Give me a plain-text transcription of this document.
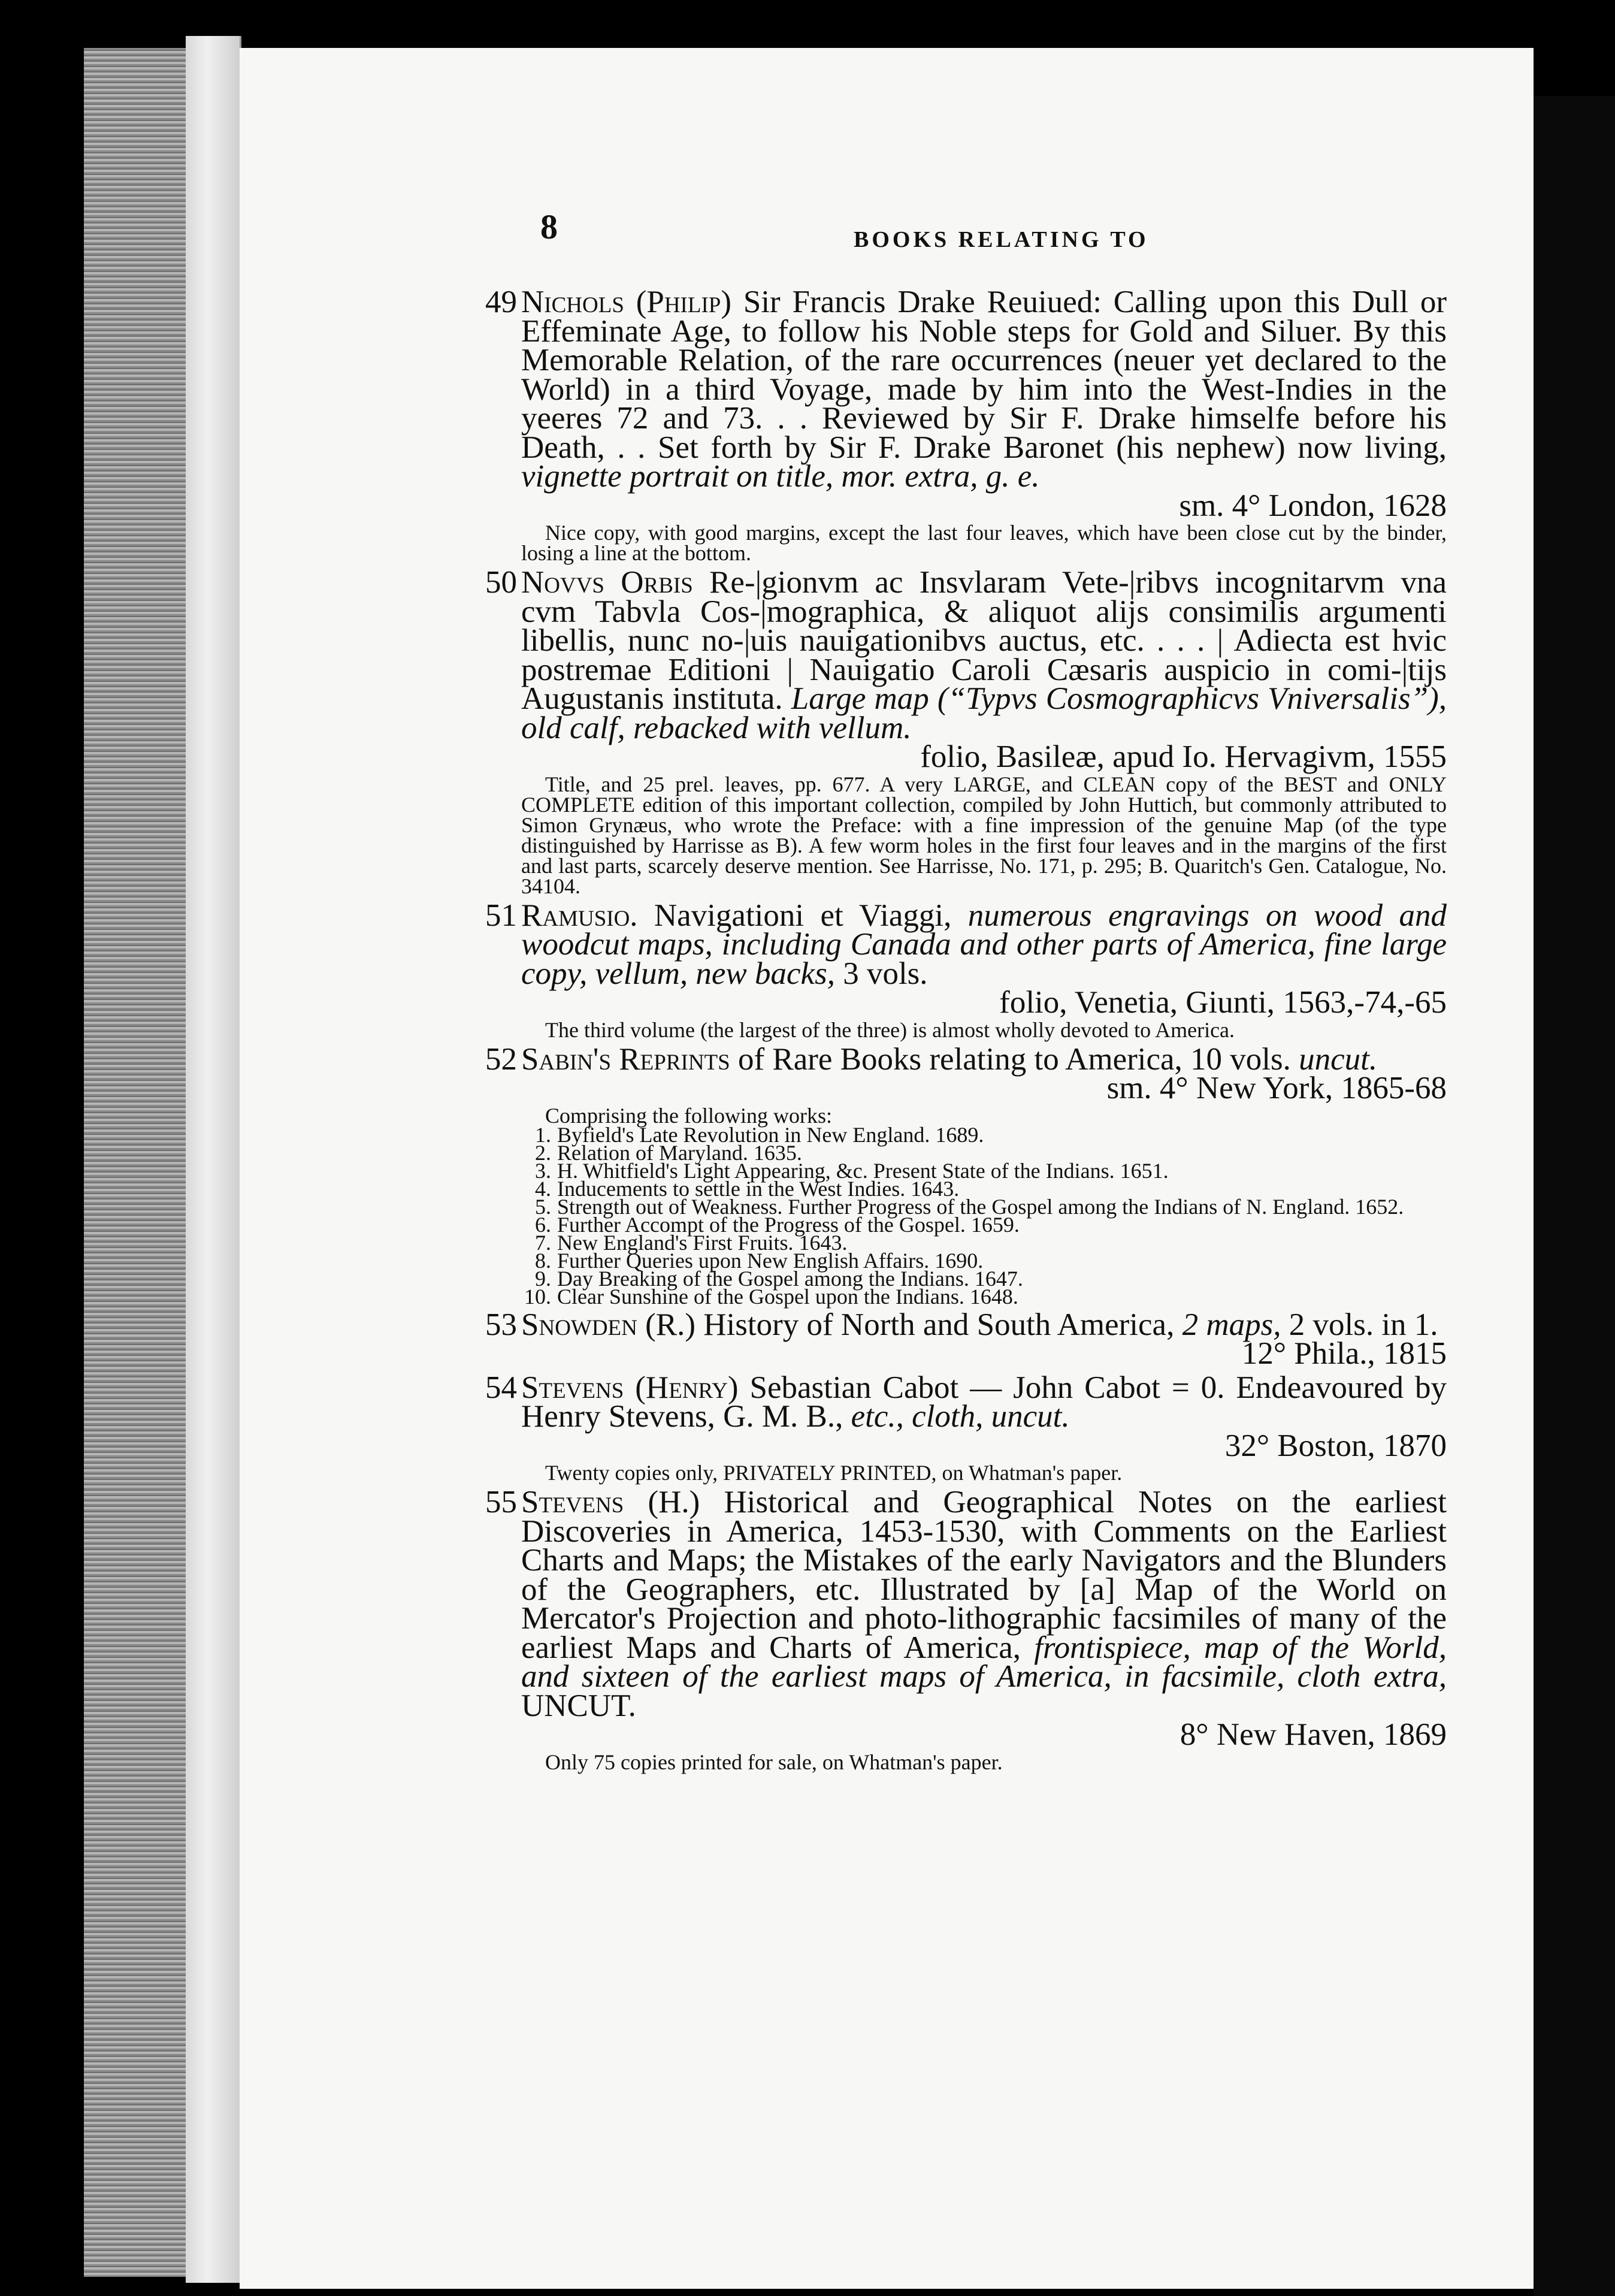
8	BOOKS RELATING TO
49 Nichols (Philip) Sir Francis Drake Reuiued: Calling upon this Dull or Effeminate Age, to follow his Noble steps for Gold and Siluer. By this Memorable Relation, of the rare occurrences (neuer yet declared to the World) in a third Voyage, made by him into the West-Indies in the yeeres 72 and 73. . . Reviewed by Sir F. Drake himselfe before his Death, . . Set forth by Sir F. Drake Baronet (his nephew) now living, vignette portrait on title, mor. extra, g. e.
sm. 4° London, 1628
Nice copy, with good margins, except the last four leaves, which have been close cut by the binder, losing a line at the bottom.
50 Novvs Orbis Re-|gionvm ac Insvlaram Vete-|ribvs incognitarvm vna cvm Tabvla Cos-|mographica, & aliquot alijs consimilis argumenti libellis, nunc no-|uis nauigationibvs auctus, etc. . . . | Adiecta est hvic postremae Editioni | Nauigatio Caroli Cæsaris auspicio in comi-|tijs Augustanis instituta. Large map (“Typvs Cosmographicvs Vniversalis”), old calf, rebacked with vellum.
folio, Basileæ, apud Io. Hervagivm, 1555
Title, and 25 prel. leaves, pp. 677. A very LARGE, and CLEAN copy of the BEST and ONLY COMPLETE edition of this important collection, compiled by John Huttich, but commonly attributed to Simon Grynæus, who wrote the Preface: with a fine impression of the genuine Map (of the type distinguished by Harrisse as B). A few worm holes in the first four leaves and in the margins of the first and last parts, scarcely deserve mention. See Harrisse, No. 171, p. 295; B. Quaritch's Gen. Catalogue, No. 34104.
51 Ramusio. Navigationi et Viaggi, numerous engravings on wood and woodcut maps, including Canada and other parts of America, fine large copy, vellum, new backs, 3 vols.
folio, Venetia, Giunti, 1563,-74,-65
The third volume (the largest of the three) is almost wholly devoted to America.
52 Sabin's Reprints of Rare Books relating to America, 10 vols. uncut.
sm. 4° New York, 1865-68
Comprising the following works:
1. Byfield's Late Revolution in New England. 1689.
2. Relation of Maryland. 1635.
3. H. Whitfield's Light Appearing, &c. Present State of the Indians. 1651.
4. Inducements to settle in the West Indies. 1643.
5. Strength out of Weakness. Further Progress of the Gospel among the Indians of N. England. 1652.
6. Further Accompt of the Progress of the Gospel. 1659.
7. New England's First Fruits. 1643.
8. Further Queries upon New English Affairs. 1690.
9. Day Breaking of the Gospel among the Indians. 1647.
10. Clear Sunshine of the Gospel upon the Indians. 1648.
53 Snowden (R.) History of North and South America, 2 maps, 2 vols. in 1.
12° Phila., 1815
54 Stevens (Henry) Sebastian Cabot — John Cabot = 0. Endeavoured by Henry Stevens, G. M. B., etc., cloth, uncut.
32° Boston, 1870
Twenty copies only, PRIVATELY PRINTED, on Whatman's paper.
55 Stevens (H.) Historical and Geographical Notes on the earliest Discoveries in America, 1453-1530, with Comments on the Earliest Charts and Maps; the Mistakes of the early Navigators and the Blunders of the Geographers, etc. Illustrated by [a] Map of the World on Mercator's Projection and photo-lithographic facsimiles of many of the earliest Maps and Charts of America, frontispiece, map of the World, and sixteen of the earliest maps of America, in facsimile, cloth extra, UNCUT.
8° New Haven, 1869
Only 75 copies printed for sale, on Whatman's paper.
